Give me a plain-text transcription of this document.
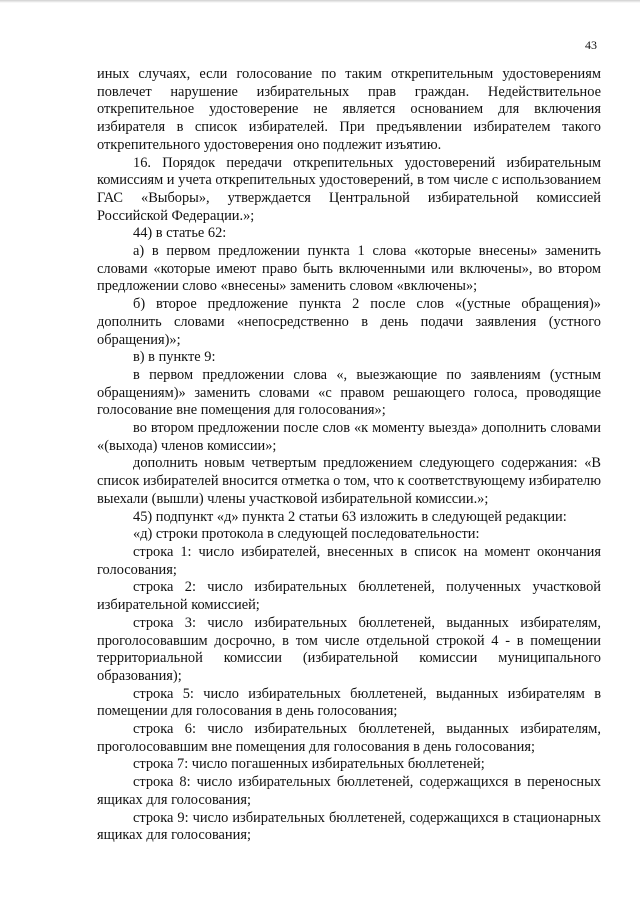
43

иных случаях, если голосование по таким открепительным удостоверениям повлечет нарушение избирательных прав граждан. Недействительное открепительное удостоверение не является основанием для включения избирателя в список избирателей. При предъявлении избирателем такого открепительного удостоверения оно подлежит изъятию.

16. Порядок передачи открепительных удостоверений избирательным комиссиям и учета открепительных удостоверений, в том числе с использованием ГАС «Выборы», утверждается Центральной избирательной комиссией Российской Федерации.»;

44) в статье 62:

а) в первом предложении пункта 1 слова «которые внесены» заменить словами «которые имеют право быть включенными или включены», во втором предложении слово «внесены» заменить словом «включены»;

б) второе предложение пункта 2 после слов «(устные обращения)» дополнить словами «непосредственно в день подачи заявления (устного обращения)»;

в) в пункте 9:

в первом предложении слова «, выезжающие по заявлениям (устным обращениям)» заменить словами «с правом решающего голоса, проводящие голосование вне помещения для голосования»;

во втором предложении после слов «к моменту выезда» дополнить словами «(выхода) членов комиссии»;

дополнить новым четвертым предложением следующего содержания: «В список избирателей вносится отметка о том, что к соответствующему избирателю выехали (вышли) члены участковой избирательной комиссии.»;

45) подпункт «д» пункта 2 статьи 63 изложить в следующей редакции:

«д) строки протокола в следующей последовательности:

строка 1: число избирателей, внесенных в список на момент окончания голосования;

строка 2: число избирательных бюллетеней, полученных участковой избирательной комиссией;

строка 3: число избирательных бюллетеней, выданных избирателям, проголосовавшим досрочно, в том числе отдельной строкой 4 - в помещении территориальной комиссии (избирательной комиссии муниципального образования);

строка 5: число избирательных бюллетеней, выданных избирателям в помещении для голосования в день голосования;

строка 6: число избирательных бюллетеней, выданных избирателям, проголосовавшим вне помещения для голосования в день голосования;

строка 7: число погашенных избирательных бюллетеней;

строка 8: число избирательных бюллетеней, содержащихся в переносных ящиках для голосования;

строка 9: число избирательных бюллетеней, содержащихся в стационарных ящиках для голосования;
